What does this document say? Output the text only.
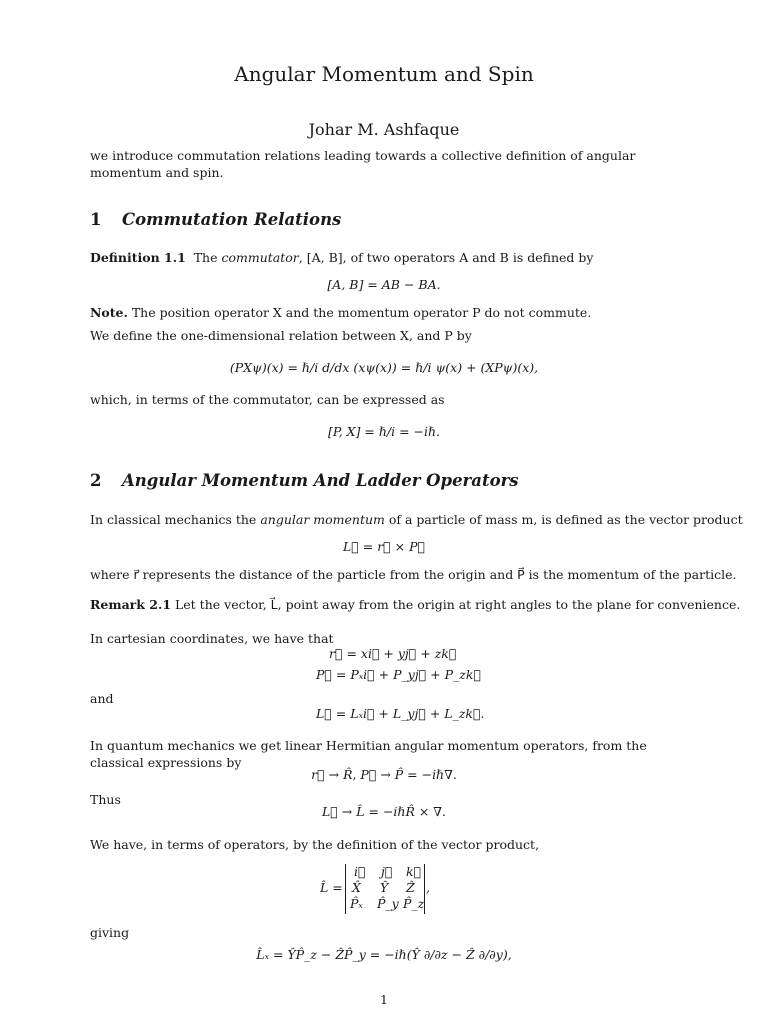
Angular Momentum and Spin
Johar M. Ashfaque
we introduce commutation relations leading towards a collective definition of angular momentum and spin.
1 Commutation Relations
Definition 1.1 The commutator, [A, B], of two operators A and B is defined by
[A, B] = AB − BA.
Note. The position operator X and the momentum operator P do not commute.
We define the one-dimensional relation between X, and P by
(PXψ)(x) = ℏ/i d/dx (xψ(x)) = ℏ/i ψ(x) + (XPψ)(x),
which, in terms of the commutator, can be expressed as
[P, X] = ℏ/i = −iℏ.
2 Angular Momentum And Ladder Operators
In classical mechanics the angular momentum of a particle of mass m, is defined as the vector product
L⃗ = r⃗ × P⃗
where r⃗ represents the distance of the particle from the origin and P⃗ is the momentum of the particle.
Remark 2.1 Let the vector, L⃗, point away from the origin at right angles to the plane for convenience.
In cartesian coordinates, we have that
r⃗ = xi⃗ + yj⃗ + zk⃗
P⃗ = Pₓi⃗ + P_yj⃗ + P_zk⃗
and
L⃗ = Lₓi⃗ + L_yj⃗ + L_zk⃗.
In quantum mechanics we get linear Hermitian angular momentum operators, from the classical expressions by
r⃗ → R̂, P⃗ → P̂ = −iℏ∇.
Thus
L⃗ → L̂ = −iℏR̂ × ∇.
We have, in terms of operators, by the definition of the vector product,
L̂ =
i⃗ j⃗ k⃗
X̂ Ŷ Ẑ
P̂ₓ P̂_y P̂_z
,
giving
L̂ₓ = ŶP̂_z − ẐP̂_y = −iℏ(Ŷ ∂/∂z − Ẑ ∂/∂y),
1
